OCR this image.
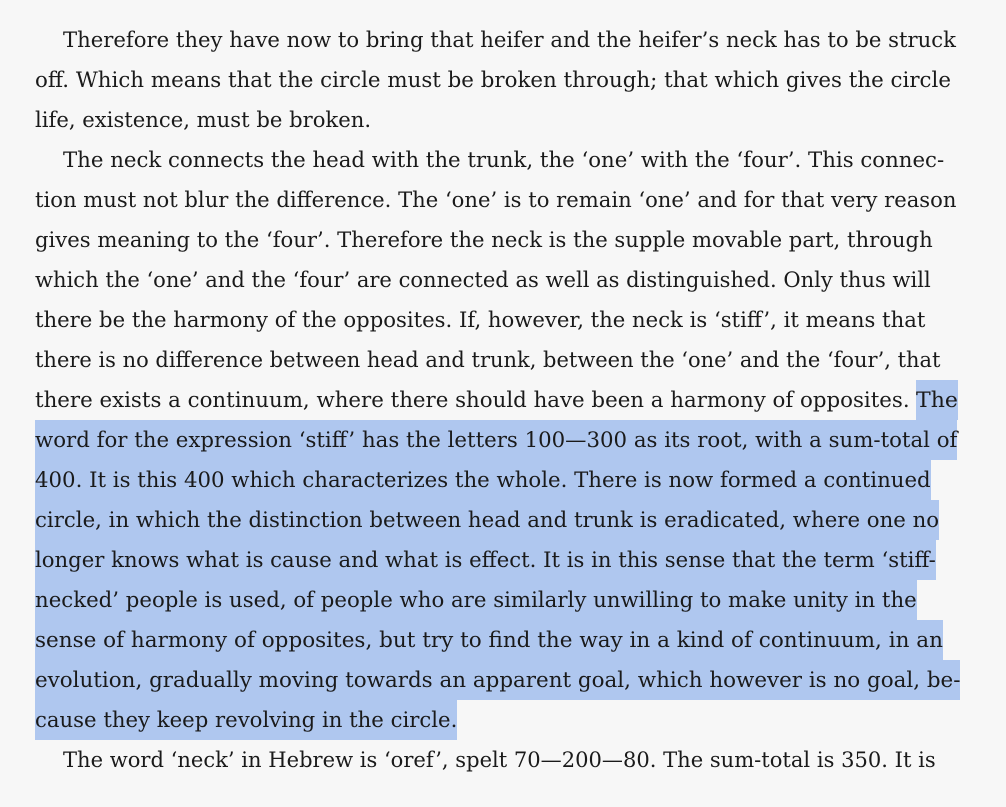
Therefore they have now to bring that heifer and the heifer’s neck has to be struck
off. Which means that the circle must be broken through; that which gives the circle
life, existence, must be broken.
The neck connects the head with the trunk, the ‘one’ with the ‘four’. This connec-
tion must not blur the difference. The ‘one’ is to remain ‘one’ and for that very reason
gives meaning to the ‘four’. Therefore the neck is the supple movable part, through
which the ‘one’ and the ‘four’ are connected as well as distinguished. Only thus will
there be the harmony of the opposites. If, however, the neck is ‘stiff’, it means that
there is no difference between head and trunk, between the ‘one’ and the ‘four’, that
there exists a continuum, where there should have been a harmony of opposites. The
word for the expression ‘stiff’ has the letters 100—300 as its root, with a sum-total of
400. It is this 400 which characterizes the whole. There is now formed a continued
circle, in which the distinction between head and trunk is eradicated, where one no
longer knows what is cause and what is effect. It is in this sense that the term ‘stiff-
necked’ people is used, of people who are similarly unwilling to make unity in the
sense of harmony of opposites, but try to find the way in a kind of continuum, in an
evolution, gradually moving towards an apparent goal, which however is no goal, be-
cause they keep revolving in the circle.
The word ‘neck’ in Hebrew is ‘oref’, spelt 70—200—80. The sum-total is 350. It is
